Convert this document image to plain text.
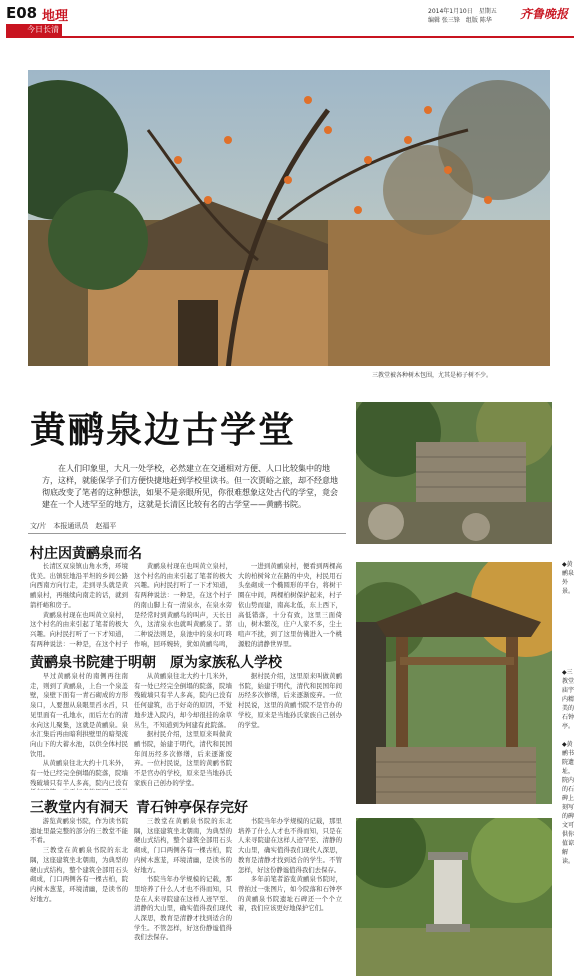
E08 地理
今日长清
2014年1月10日　星期五
编辑 张三锋　组版 陈华 齐鲁晚报
三教堂被各种树木包围，尤其是柿子树不少。
黄鹂泉边古学堂
在人们印象里，大凡一处学校，必然建立在交通相对方便、人口比较集中的地方，这样，就能保学子们方便快捷地赶到学校里读书。但一次贾峪之旅，却不经意地彻底改变了笔者的这种想法，如果不是亲眼所见，你很难想象这处古代的学堂，竟会建在一个人迹罕至的地方，这就是长清区比较有名的古学堂——黄鹂书院。
文/片　本报通讯员　赵福平
村庄因黄鹂泉而名
长清区双泉镇山角水秀，环境优美。出镇驻地沿平坦的乡间公路向西南方向行走，走到寻头就是黄鹂泉村，再继续向南走的话，就到箭杆峪和房子。
黄鹂泉村现在也叫黄立泉村，这个村名的由来引起了笔者的极大兴趣。向村民打听了一下才知道，有两种说法：一种是，在这个村子
黄鹂泉村现在也叫黄立泉村，这个村名的由来引起了笔者的极大兴趣。向村民打听了一下才知道，有两种说法：一种是，在这个村子的南山脚上有一清泉水，在泉水旁是经常时到黄鹂鸟的叫声，天长日久，这清泉水也就叫黄鹂泉了。第二种说法则是，泉池中的泉水叮咚作响，回环婉转，犹如黄鹂鸟鸣，
一进到黄鹂泉村，便看到两棵高大的柏树耸立在路的中央，村民用石头垒砌成一个椭圆形的平台，将树干圈在中间，两棵柏树保护起来，村子依山势而建，南高北低，东上西下，高低错落，十分有致，这里三面倚山，树木繁茂，庄户人家不多，尘土喧声不扰，到了这里仿佛进入一个桃源般的清静世界里。
黄鹂泉书院建于明朝　原为家族私人学校
早过黄鹂泉村的南侧再往南走，则到了黄鹂泉，上台一个泉盖壁，泉壁下面有一青石砌成的方形泉口，人要想从泉眼里舀水舀，只见里面有一孔地水，而后左右的清水向这儿聚集，这就是黄鹂泉。泉水汇集后再由暗利拱壁里的暗渠流向山下的大蓄水池，以供全体村民饮用。
从黄鹂泉往北大约十几米外，有一处已经完全倒塌的院落，院墙残破墙只有半人多高，院内已没有
从黄鹂泉往北大约十几米外，有一处已经完全倒塌的院落，院墙残破墙只有半人多高，院内已没有任何建筑，出于好奇的原因，不觉地步进入院内，却今却很挂的余草丛生，不知道到为何建有此院落。
据村民介绍，这里原来叫做黄鹂书院，始建于明代，清代和民国年间历经多次修缮，后来逐渐废弃。一位村民说，这里的黄鹂书院不是官办的学校，原来是当地孙氏家族自己创办的学堂。
据村民介绍，这里原来叫做黄鹂书院，始建于明代，清代和民国年间历经多次修缮，后来逐渐废弃。一位村民说，这里的黄鹂书院不是官办的学校，原来是当地孙氏家族自己创办的学堂。
三教堂内有洞天 青石钟亭保存完好
游览黄鹂泉书院，作为读书院遗址里最完整的部分的三教堂不能不看。
三教堂在黄鹂泉书院的东北隅，这座建筑坐北朝南，为典型的硬山式结构，整个建筑全部用石头砌成，门口两侧各有一棵古柏，院内树木葱茏，环境清幽，是读书的好地方。
三教堂在黄鹂泉书院的东北隅，这座建筑坐北朝南，为典型的硬山式结构，整个建筑全部用石头砌成，门口两侧各有一棵古柏，院内树木葱茏，环境清幽，是读书的好地方。
书院当年办学规模的记载，那里培养了什么人才也不得而知，只是在人来寻院建在这样人迹罕至、清静的大山里，确实值得我们现代人深思，教育是清静才找到适合的学生。不管怎样，好这份静谧值得我们去保存。
书院当年办学规模的记载，那里培养了什么人才也不得而知，只是在人来寻院建在这样人迹罕至、清静的大山里，确实值得我们现代人深思，教育是清静才找到适合的学生。不管怎样，好这份静谧值得我们去保存。
多年前笔者游览黄鹂泉书院时，曾拍过一张图片，如今院落和石钟亭的黄鹂泉书院遗址石碑还一个个立着，我们应该更好地保护它们。
◆黄鹂泉外景。
◆三教堂庙宇内精美的石钟亭。
◆黄鹂书院遗址，院内的石碑上刻写的碑文可供你值谅解读。
